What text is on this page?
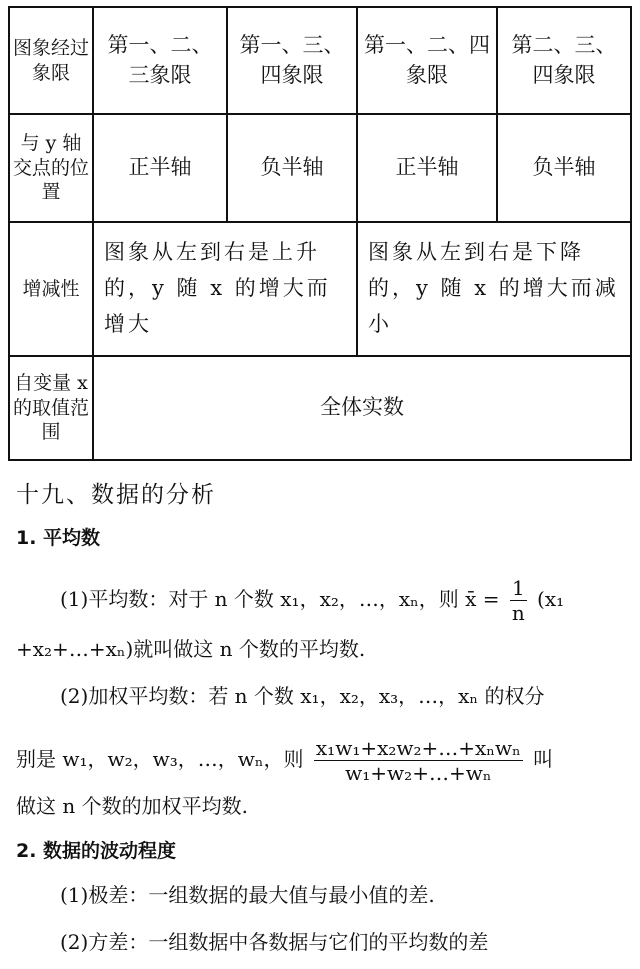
图象经过象限	第一、二、三象限	第一、三、四象限	第一、二、四象限	第二、三、四象限
与 y 轴交点的位置	正半轴	负半轴	正半轴	负半轴
增减性	图象从左到右是上升的，y 随 x 的增大而增大		图象从左到右是下降的，y 随 x 的增大而减小	
自变量 x 的取值范围	全体实数			
十九、数据的分析
1. 平均数
(1)平均数：对于 n 个数 x₁，x₂，…，xₙ，则 x̄ = $\frac{1}{n} (x_1$
+x₂+…+xₙ)就叫做这 n 个数的平均数.
(2)加权平均数：若 n 个数 x₁，x₂，x₃，…，xₙ 的权分
别是 w₁，w₂，w₃，…，wₙ，则 $\frac{\text{x₁w₁+x₂w₂+…+xₙwₙ}}{\text{w₁+w₂+…+wₙ}}$ 叫
做这 n 个数的加权平均数.
2. 数据的波动程度
(1)极差：一组数据的最大值与最小值的差.
(2)方差：一组数据中各数据与它们的平均数的差
